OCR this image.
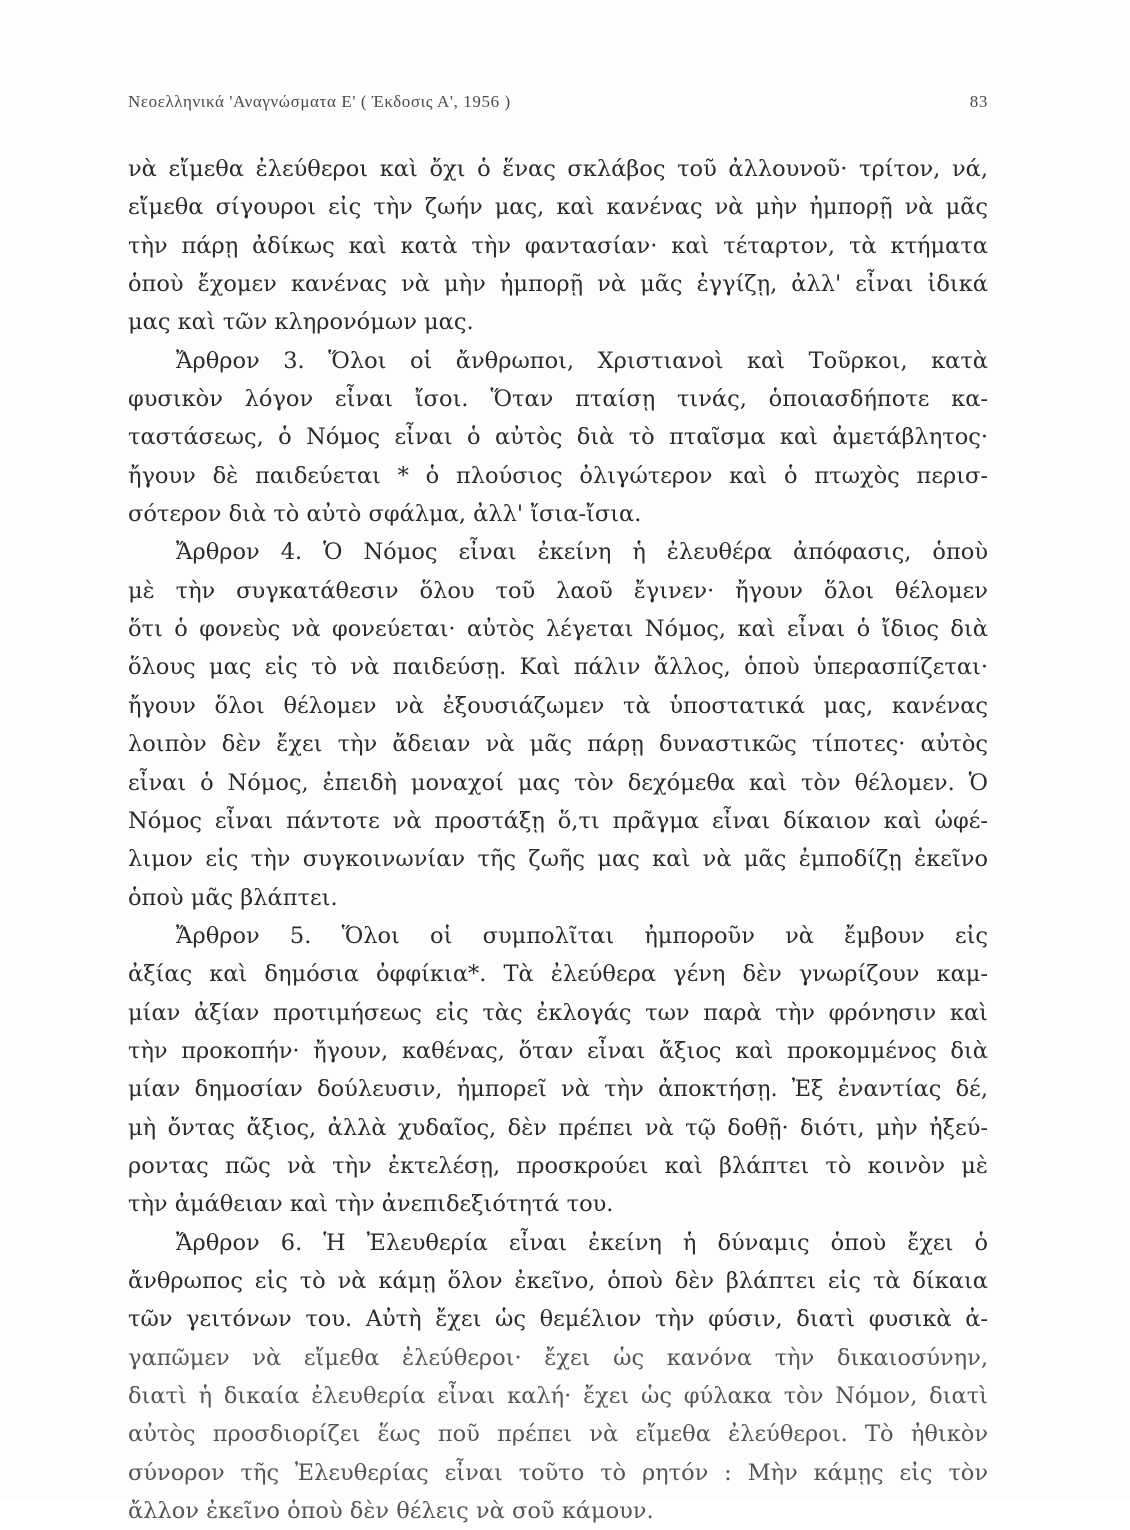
Νεοελληνικά 'Αναγνώσματα Ε' ( Έκδοσις Α', 1956 )	83
νὰ εἴμεθα ἐλεύθεροι καὶ ὄχι ὁ ἕνας σκλάβος τοῦ ἀλλουνοῦ· τρίτον, νά,
εἴμεθα σίγουροι εἰς τὴν ζωήν μας, καὶ κανένας νὰ μὴν ἠμπορῇ νὰ μᾶς
τὴν πάρῃ ἀδίκως καὶ κατὰ τὴν φαντασίαν· καὶ τέταρτον, τὰ κτήματα
ὁποὺ ἔχομεν κανένας νὰ μὴν ἠμπορῇ νὰ μᾶς ἐγγίζῃ, ἀλλ' εἶναι ἰδικά
μας καὶ τῶν κληρονόμων μας.
Ἄρθρον 3. Ὅλοι οἱ ἄνθρωποι, Χριστιανοὶ καὶ Τοῦρκοι, κατὰ
φυσικὸν λόγον εἶναι ἴσοι. Ὅταν πταίσῃ τινάς, ὁποιασδήποτε κα-
ταστάσεως, ὁ Νόμος εἶναι ὁ αὐτὸς διὰ τὸ πταῖσμα καὶ ἀμετάβλητος·
ἤγουν δὲ παιδεύεται * ὁ πλούσιος ὀλιγώτερον καὶ ὁ πτωχὸς περισ-
σότερον διὰ τὸ αὐτὸ σφάλμα, ἀλλ' ἴσια-ἴσια.
Ἄρθρον 4. Ὁ Νόμος εἶναι ἐκείνη ἡ ἐλευθέρα ἀπόφασις, ὁποὺ
μὲ τὴν συγκατάθεσιν ὅλου τοῦ λαοῦ ἔγινεν· ἤγουν ὅλοι θέλομεν
ὅτι ὁ φονεὺς νὰ φονεύεται· αὐτὸς λέγεται Νόμος, καὶ εἶναι ὁ ἴδιος διὰ
ὅλους μας εἰς τὸ νὰ παιδεύσῃ. Καὶ πάλιν ἄλλος, ὁποὺ ὑπερασπίζεται·
ἤγουν ὅλοι θέλομεν νὰ ἐξουσιάζωμεν τὰ ὑποστατικά μας, κανένας
λοιπὸν δὲν ἔχει τὴν ἄδειαν νὰ μᾶς πάρῃ δυναστικῶς τίποτες· αὐτὸς
εἶναι ὁ Νόμος, ἐπειδὴ μοναχοί μας τὸν δεχόμεθα καὶ τὸν θέλομεν. Ὁ
Νόμος εἶναι πάντοτε νὰ προστάξῃ ὅ,τι πρᾶγμα εἶναι δίκαιον καὶ ὠφέ-
λιμον εἰς τὴν συγκοινωνίαν τῆς ζωῆς μας καὶ νὰ μᾶς ἐμποδίζῃ ἐκεῖνο
ὁποὺ μᾶς βλάπτει.
Ἄρθρον 5. Ὅλοι οἱ συμπολῖται ἠμποροῦν νὰ ἔμβουν εἰς
ἀξίας καὶ δημόσια ὀφφίκια*. Τὰ ἐλεύθερα γένη δὲν γνωρίζουν καμ-
μίαν ἀξίαν προτιμήσεως εἰς τὰς ἐκλογάς των παρὰ τὴν φρόνησιν καὶ
τὴν προκοπήν· ἤγουν, καθένας, ὅταν εἶναι ἄξιος καὶ προκομμένος διὰ
μίαν δημοσίαν δούλευσιν, ἠμπορεῖ νὰ τὴν ἀποκτήσῃ. Ἐξ ἐναντίας δέ,
μὴ ὄντας ἄξιος, ἀλλὰ χυδαῖος, δὲν πρέπει νὰ τῷ δοθῇ· διότι, μὴν ἠξεύ-
ροντας πῶς νὰ τὴν ἐκτελέσῃ, προσκρούει καὶ βλάπτει τὸ κοινὸν μὲ
τὴν ἀμάθειαν καὶ τὴν ἀνεπιδεξιότητά του.
Ἄρθρον 6. Ἡ Ἐλευθερία εἶναι ἐκείνη ἡ δύναμις ὁποὺ ἔχει ὁ
ἄνθρωπος εἰς τὸ νὰ κάμῃ ὅλον ἐκεῖνο, ὁποὺ δὲν βλάπτει εἰς τὰ δίκαια
τῶν γειτόνων του. Αὐτὴ ἔχει ὡς θεμέλιον τὴν φύσιν, διατὶ φυσικὰ ἀ-
γαπῶμεν νὰ εἴμεθα ἐλεύθεροι· ἔχει ὡς κανόνα τὴν δικαιοσύνην,
διατὶ ἡ δικαία ἐλευθερία εἶναι καλή· ἔχει ὡς φύλακα τὸν Νόμον, διατὶ
αὐτὸς προσδιορίζει ἕως ποῦ πρέπει νὰ εἴμεθα ἐλεύθεροι. Τὸ ἠθικὸν
σύνορον τῆς Ἐλευθερίας εἶναι τοῦτο τὸ ρητόν : Μὴν κάμῃς εἰς τὸν
ἄλλον ἐκεῖνο ὁποὺ δὲν θέλεις νὰ σοῦ κάμουν.
